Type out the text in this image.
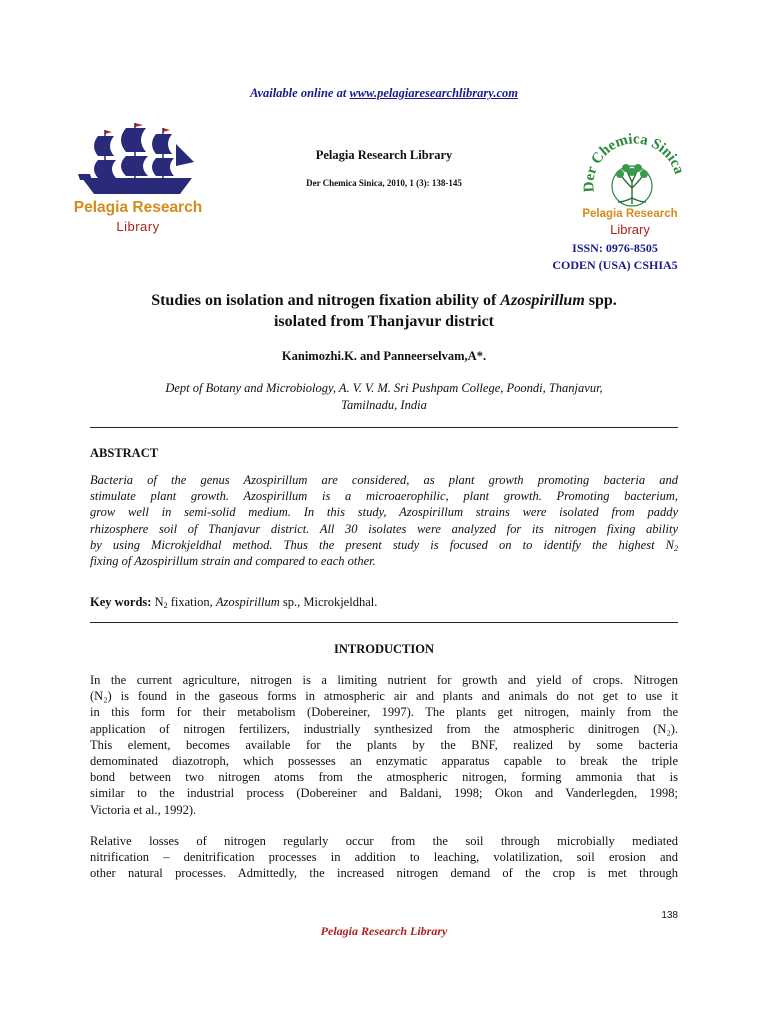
Available online at www.pelagiaresearchlibrary.com
Pelagia Research
Library
Pelagia Research Library
Der Chemica Sinica, 2010, 1 (3): 138-145	Der Chemica Sinica
Pelagia Research
Library
ISSN: 0976-8505
CODEN (USA) CSHIA5
Studies on isolation and nitrogen fixation ability of Azospirillum spp.
isolated from Thanjavur district
Kanimozhi.K. and Panneerselvam,A*.
Dept of Botany and Microbiology, A. V. V. M. Sri Pushpam College, Poondi, Thanjavur,
Tamilnadu, India
ABSTRACT
Bacteria of the genus Azospirillum are considered, as plant growth promoting bacteria and
stimulate plant growth. Azospirillum is a microaerophilic, plant growth. Promoting bacterium,
grow well in semi-solid medium. In this study, Azospirillum strains were isolated from paddy
rhizosphere soil of Thanjavur district. All 30 isolates were analyzed for its nitrogen fixing ability
by using Microkjeldhal method. Thus the present study is focused on to identify the highest $N_2$
fixing of Azospirillum strain and compared to each other.
Key words: $N_2$ fixation, Azospirillum sp., Microkjeldhal.
INTRODUCTION
In the current agriculture, nitrogen is a limiting nutrient for growth and yield of crops. Nitrogen
(N₂) is found in the gaseous forms in atmospheric air and plants and animals do not get to use it
in this form for their metabolism (Dobereiner, 1997). The plants get nitrogen, mainly from the
application of nitrogen fertilizers, industrially synthesized from the atmospheric dinitrogen (N₂).
This element, becomes available for the plants by the BNF, realized by some bacteria
demominated diazotroph, which possesses an enzymatic apparatus capable to break the triple
bond between two nitrogen atoms from the atmospheric nitrogen, forming ammonia that is
similar to the industrial process (Dobereiner and Baldani, 1998; Okon and Vanderlegden, 1998;
Victoria et al., 1992).
Relative losses of nitrogen regularly occur from the soil through microbially mediated
nitrification – denitrification processes in addition to leaching, volatilization, soil erosion and
other natural processes. Admittedly, the increased nitrogen demand of the crop is met through
138
Pelagia Research Library
